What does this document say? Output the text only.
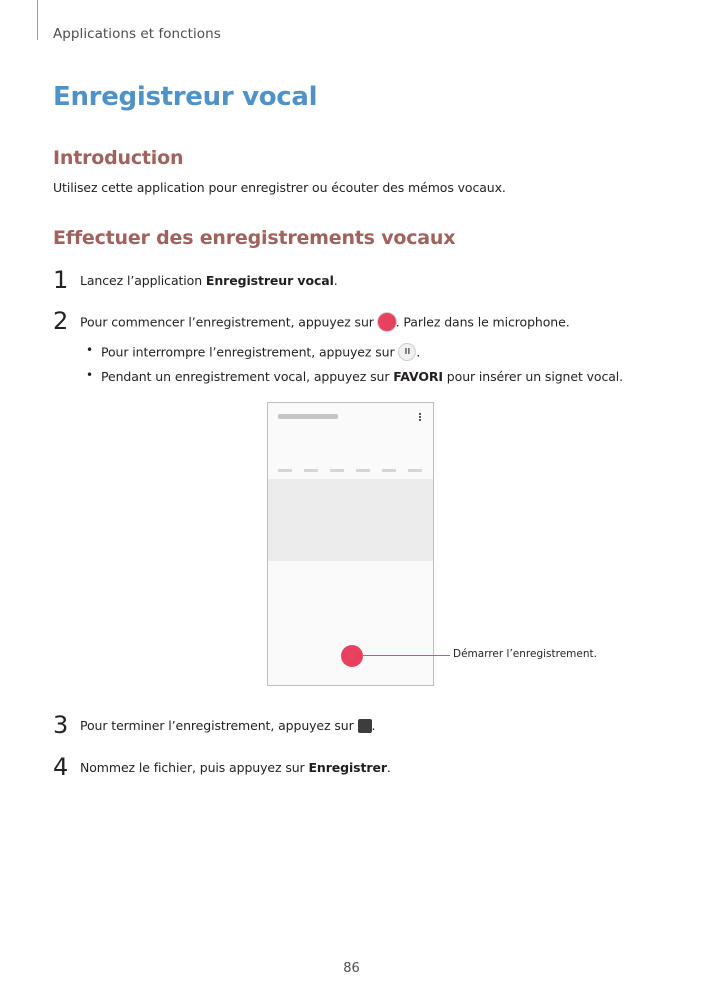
Applications et fonctions
Enregistreur vocal
Introduction
Utilisez cette application pour enregistrer ou écouter des mémos vocaux.
Effectuer des enregistrements vocaux
1 Lancez l’application Enregistreur vocal.
2 Pour commencer l’enregistrement, appuyez sur . Parlez dans le microphone.
• Pour interrompre l’enregistrement, appuyez sur II .
• Pendant un enregistrement vocal, appuyez sur FAVORI pour insérer un signet vocal.
Démarrer l’enregistrement.
3 Pour terminer l’enregistrement, appuyez sur .
4 Nommez le fichier, puis appuyez sur Enregistrer.
86
